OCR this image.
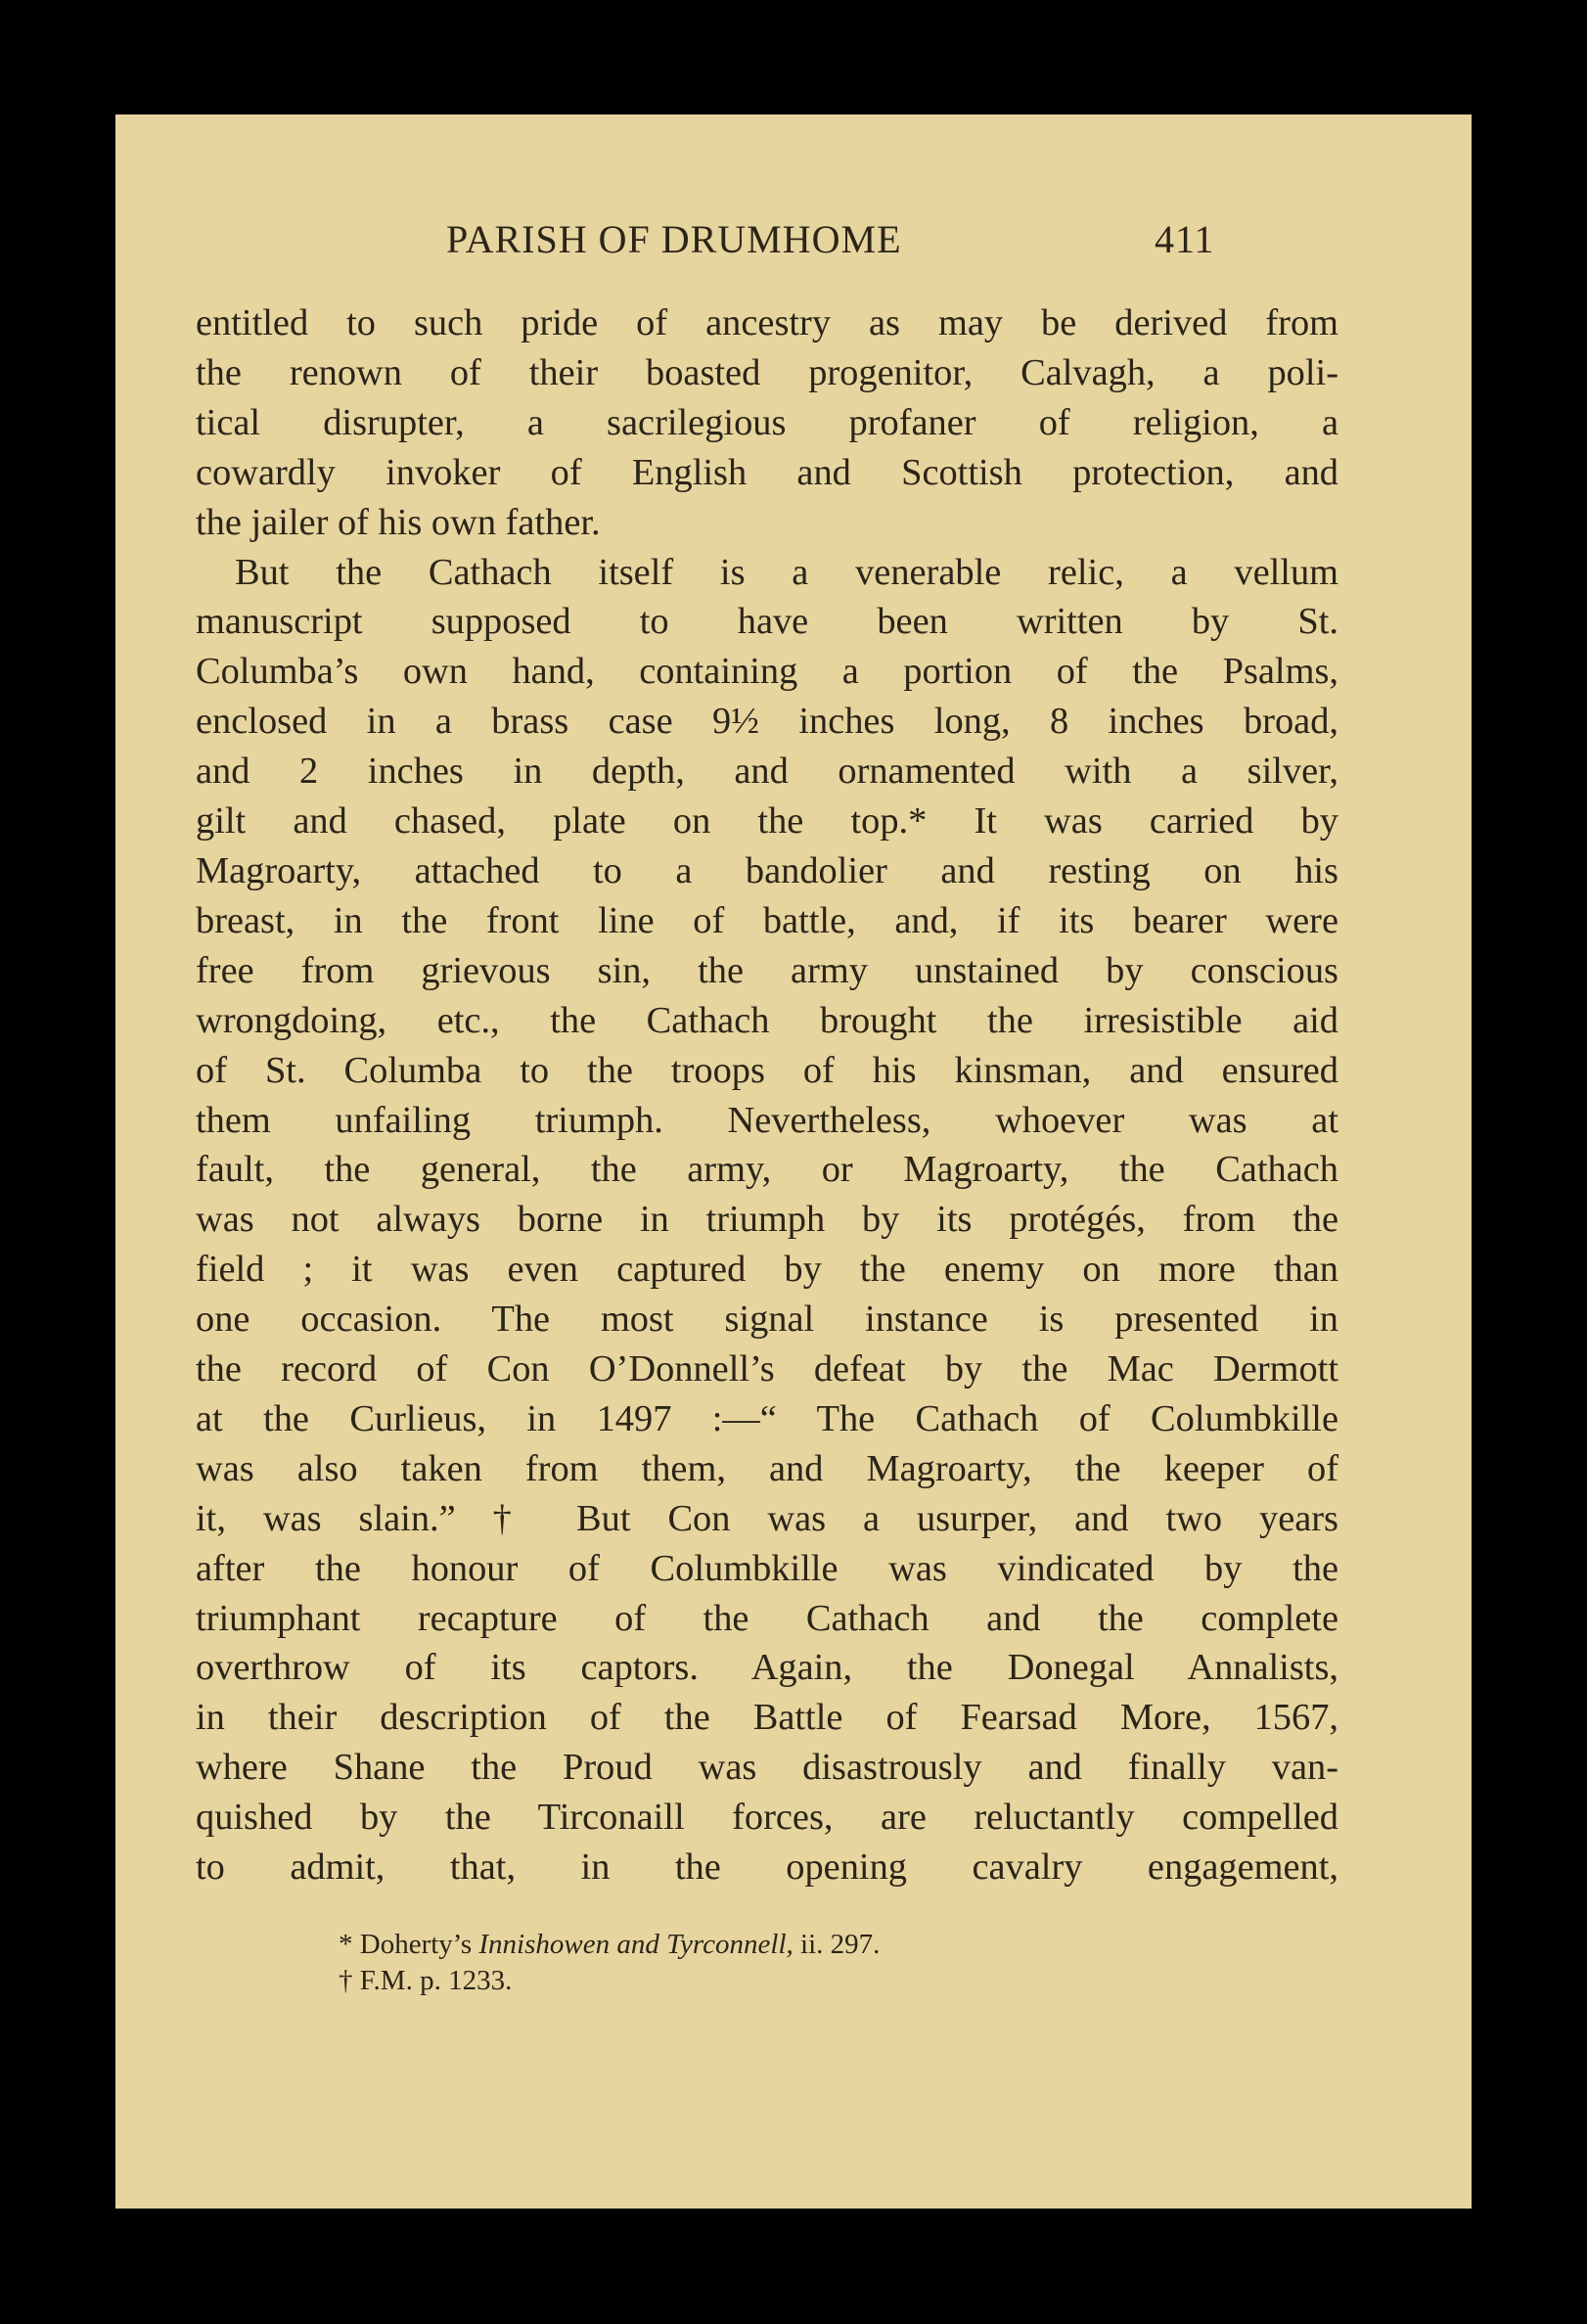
PARISH OF DRUMHOME	411
entitled to such pride of ancestry as may be derived from
the renown of their boasted progenitor, Calvagh, a poli-
tical disrupter, a sacrilegious profaner of religion, a
cowardly invoker of English and Scottish protection, and
the jailer of his own father.
But the Cathach itself is a venerable relic, a vellum
manuscript supposed to have been written by St.
Columba’s own hand, containing a portion of the Psalms,
enclosed in a brass case 9½ inches long, 8 inches broad,
and 2 inches in depth, and ornamented with a silver,
gilt and chased, plate on the top.* It was carried by
Magroarty, attached to a bandolier and resting on his
breast, in the front line of battle, and, if its bearer were
free from grievous sin, the army unstained by conscious
wrongdoing, etc., the Cathach brought the irresistible aid
of St. Columba to the troops of his kinsman, and ensured
them unfailing triumph. Nevertheless, whoever was at
fault, the general, the army, or Magroarty, the Cathach
was not always borne in triumph by its protégés, from the
field ; it was even captured by the enemy on more than
one occasion. The most signal instance is presented in
the record of Con O’Donnell’s defeat by the Mac Dermott
at the Curlieus, in 1497 :—“ The Cathach of Columbkille
was also taken from them, and Magroarty, the keeper of
it, was slain.” † But Con was a usurper, and two years
after the honour of Columbkille was vindicated by the
triumphant recapture of the Cathach and the complete
overthrow of its captors. Again, the Donegal Annalists,
in their description of the Battle of Fearsad More, 1567,
where Shane the Proud was disastrously and finally van-
quished by the Tirconaill forces, are reluctantly compelled
to admit, that, in the opening cavalry engagement,
* Doherty’s Innishowen and Tyrconnell, ii. 297.
† F.M. p. 1233.
